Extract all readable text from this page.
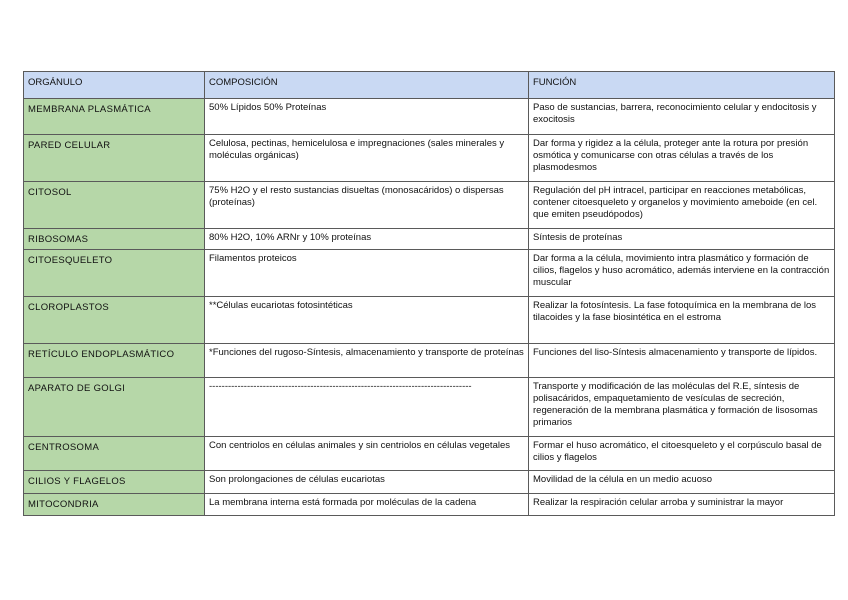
ORGÁNULO	COMPOSICIÓN	FUNCIÓN
MEMBRANA PLASMÁTICA	50% Lípidos 50% Proteínas	Paso de sustancias, barrera, reconocimiento celular y endocitosis y exocitosis
PARED CELULAR	Celulosa, pectinas, hemicelulosa e impregnaciones (sales minerales y moléculas orgánicas)	Dar forma y rigidez a la célula, proteger ante la rotura por presión osmótica y comunicarse con otras células a través de los plasmodesmos
CITOSOL	75% H2O y el resto sustancias disueltas (monosacáridos) o dispersas (proteínas)	Regulación del pH intracel, participar en reacciones metabólicas, contener citoesqueleto y organelos y movimiento ameboide (en cel. que emiten pseudópodos)
RIBOSOMAS	80% H2O, 10% ARNr y 10% proteínas	Síntesis de proteínas
CITOESQUELETO	Filamentos proteicos	Dar forma a la célula, movimiento intra plasmático y formación de cilios, flagelos y huso acromático, además interviene en la contracción muscular
CLOROPLASTOS	**Células eucariotas fotosintéticas	Realizar la fotosíntesis. La fase fotoquímica en la membrana de los tilacoides y la fase biosintética en el estroma
RETÍCULO ENDOPLASMÁTICO	*Funciones del rugoso-Síntesis, almacenamiento y transporte de proteínas	Funciones del liso-Síntesis almacenamiento y transporte de lípidos.
APARATO DE GOLGI	-----------------------------------------------------------------------------------	Transporte y modificación de las moléculas del R.E, síntesis de polisacáridos, empaquetamiento de vesículas de secreción, regeneración de la membrana plasmática y formación de lisosomas primarios
CENTROSOMA	Con centriolos en células animales y sin centriolos en células vegetales	Formar el huso acromático, el citoesqueleto y el corpúsculo basal de cilios y flagelos
CILIOS Y FLAGELOS	Son prolongaciones de células eucariotas	Movilidad de la célula en un medio acuoso
MITOCONDRIA	La membrana interna está formada por moléculas de la cadena	Realizar la respiración celular arroba y suministrar la mayor
